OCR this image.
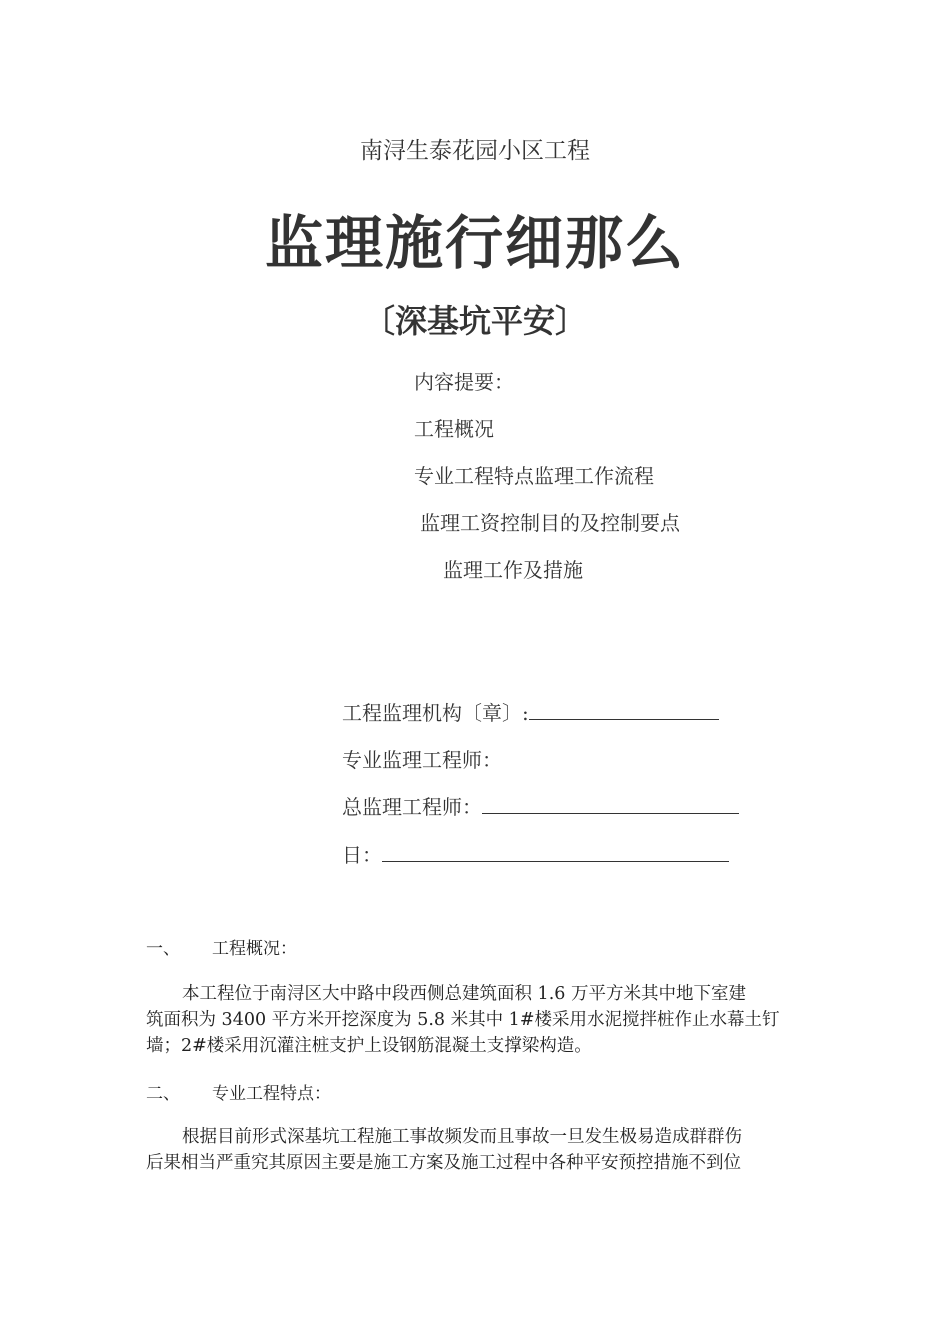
南浔生泰花园小区工程
监理施行细那么
〔深基坑平安〕
内容提要：
工程概况
专业工程特点监理工作流程
监理工资控制目的及控制要点
监理工作及措施
工程监理机构〔章〕:
专业监理工程师：
总监理工程师：
日：
一、 工程概况：
本工程位于南浔区大中路中段西侧总建筑面积 1.6 万平方米其中地下室建
筑面积为 3400 平方米开挖深度为 5.8 米其中 1#楼采用水泥搅拌桩作止水幕土钉
墙；2#楼采用沉灌注桩支护上设钢筋混凝土支撑梁构造。
二、 专业工程特点：
根据目前形式深基坑工程施工事故频发而且事故一旦发生极易造成群群伤
后果相当严重究其原因主要是施工方案及施工过程中各种平安预控措施不到位
